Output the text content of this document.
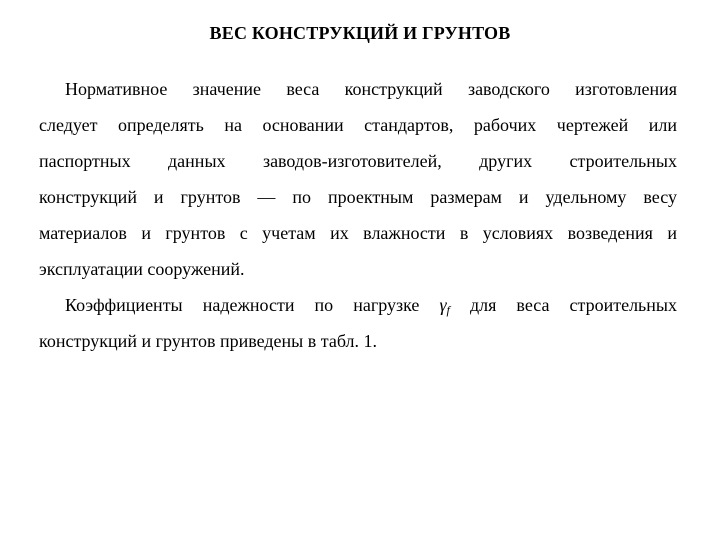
ВЕС КОНСТРУКЦИЙ И ГРУНТОВ
Нормативное значение веса конструкций заводского изготовления
следует определять на основании стандартов, рабочих чертежей или
паспортных данных заводов-изготовителей, других строительных
конструкций и грунтов — по проектным размерам и удельному весу
материалов и грунтов с учетам их влажности в условиях возведения и
эксплуатации сооружений.
Коэффициенты надежности по нагрузке $\gamma_f$ для веса строительных
конструкций и грунтов приведены в табл. 1.
